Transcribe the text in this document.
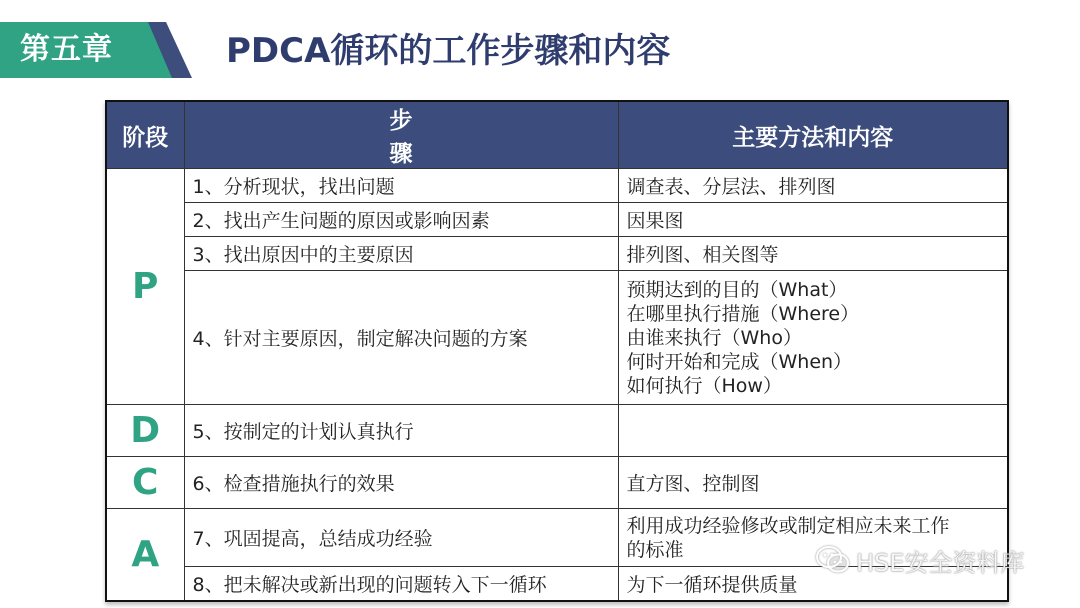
第五章	PDCA循环的工作步骤和内容
阶段	步 骤	主要方法和内容
P	1、分析现状，找出问题	调查表、分层法、排列图
	2、找出产生问题的原因或影响因素	因果图
	3、找出原因中的主要原因	排列图、相关图等
	4、针对主要原因，制定解决问题的方案	预期达到的目的（What）
在哪里执行措施（Where）
由谁来执行（Who）
何时开始和完成（When）
如何执行（How）

D	5、按制定的计划认真执行	
C	6、检查措施执行的效果	直方图、控制图
A	7、巩固提高，总结成功经验	利用成功经验修改或制定相应未来工作
的标准

	8、把未解决或新出现的问题转入下一循环	为下一循环提供质量
HSE安全资料库
